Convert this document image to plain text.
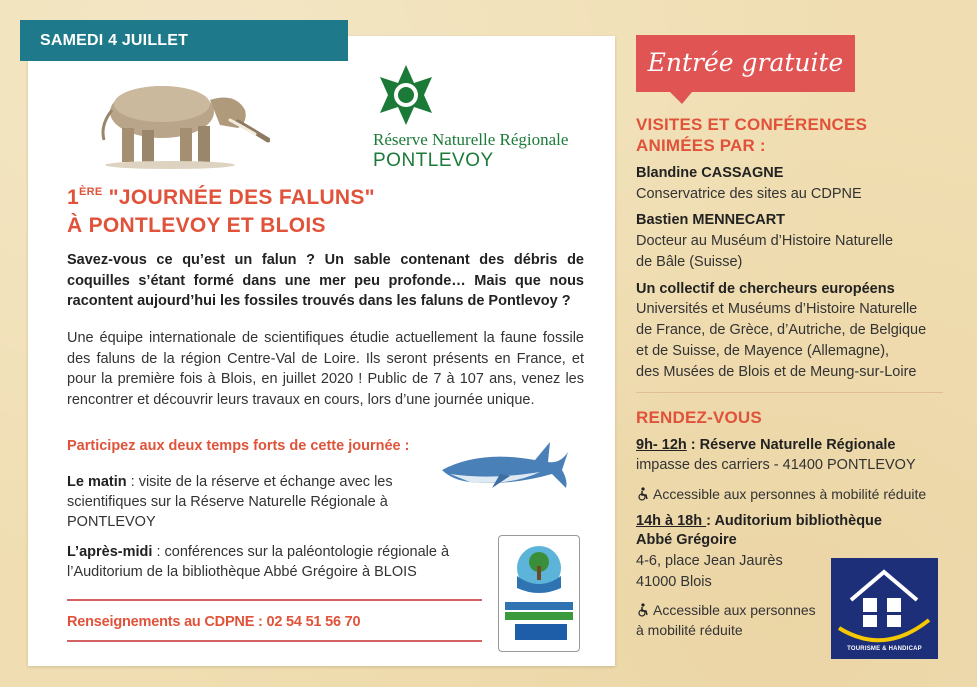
SAMEDI 4 JUILLET
Réserve Naturelle Régionale
PONTLEVOY
1ÈRE "JOURNÉE DES FALUNS"
À PONTLEVOY ET BLOIS
Savez-vous ce qu’est un falun ? Un sable contenant des débris de coquilles s’étant formé dans une mer peu profonde… Mais que nous racontent aujourd’hui les fossiles trouvés dans les faluns de Pontlevoy ?
Une équipe internationale de scientifiques étudie actuellement la faune fossile des faluns de la région Centre-Val de Loire. Ils seront présents en France, et pour la première fois à Blois, en juillet 2020 ! Public de 7 à 107 ans, venez les rencontrer et découvrir leurs travaux en cours, lors d’une journée unique.
Participez aux deux temps forts de cette journée :
Le matin : visite de la réserve et échange avec les scientifiques sur la Réserve Naturelle Régionale à PONTLEVOY
L’après-midi : conférences sur la paléontologie régionale à l’Auditorium de la bibliothèque Abbé Grégoire à BLOIS
Renseignements au CDPNE : 02 54 51 56 70
Entrée gratuite
VISITES ET CONFÉRENCES
ANIMÉES PAR :
Blandine CASSAGNE
Conservatrice des sites au CDPNE
Bastien MENNECART
Docteur au Muséum d’Histoire Naturelle
de Bâle (Suisse)
Un collectif de chercheurs européens
Universités et Muséums d’Histoire Naturelle
de France, de Grèce, d’Autriche, de Belgique
et de Suisse, de Mayence (Allemagne),
des Musées de Blois et de Meung-sur-Loire
RENDEZ-VOUS
9h- 12h : Réserve Naturelle Régionale
impasse des carriers - 41400 PONTLEVOY
Accessible aux personnes à mobilité réduite
14h à 18h : Auditorium bibliothèque
Abbé Grégoire
4-6, place Jean Jaurès
41000 Blois
Accessible aux personnes
à mobilité réduite
TOURISME & HANDICAP
